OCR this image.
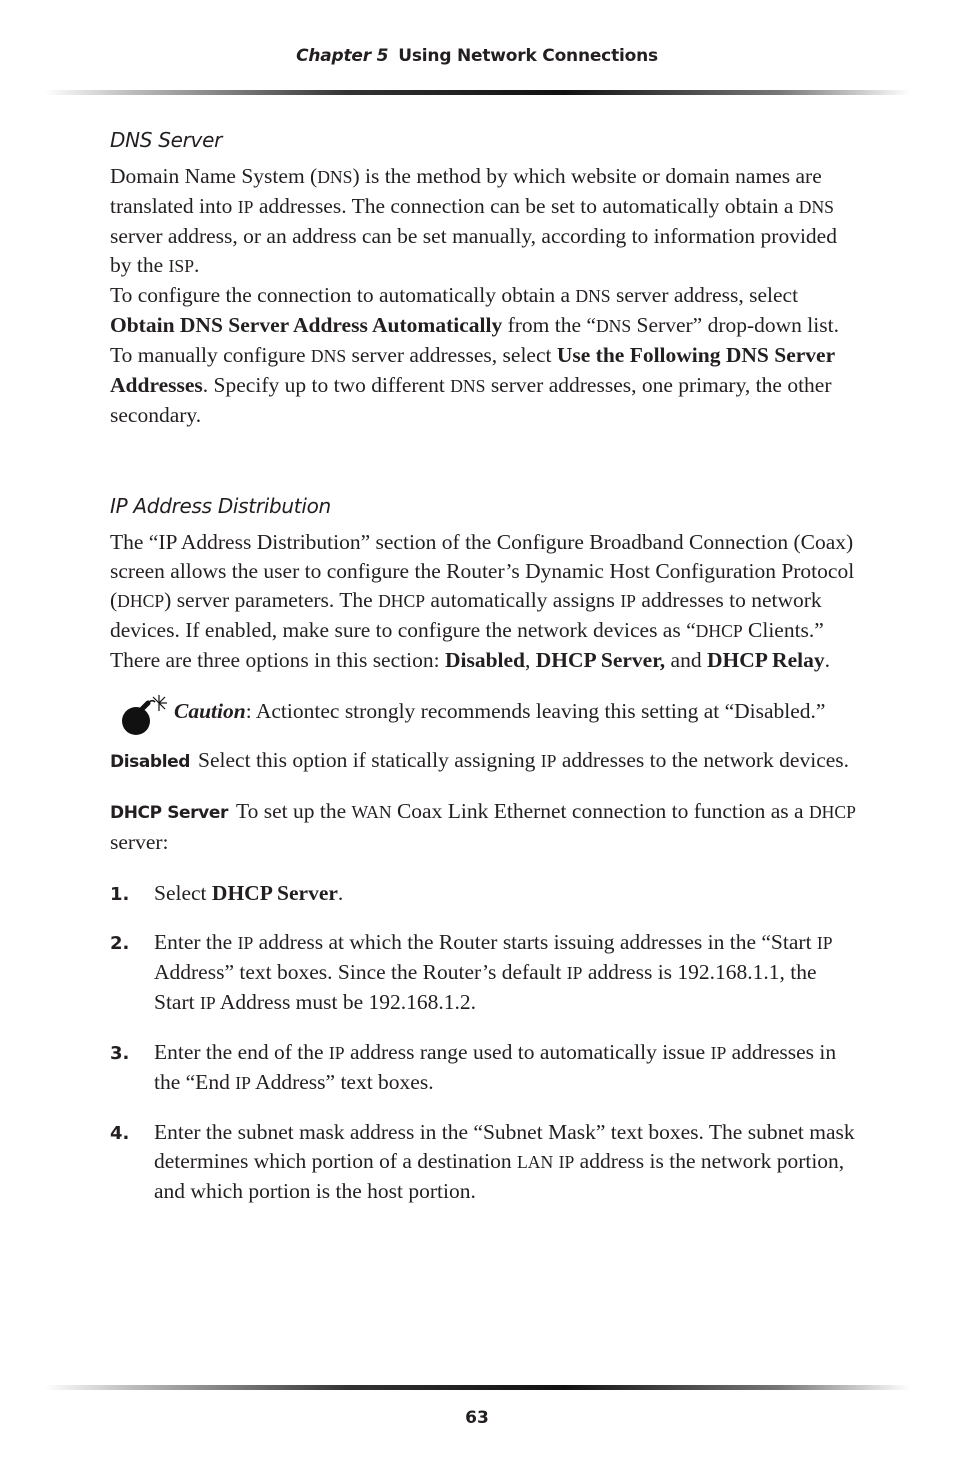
Chapter 5 Using Network Connections
DNS Server

Domain Name System (DNS) is the method by which website or domain names are translated into IP addresses. The connection can be set to automatically obtain a DNS server address, or an address can be set manually, according to information provided by the ISP.

To configure the connection to automatically obtain a DNS server address, select Obtain DNS Server Address Automatically from the “DNS Server” drop-down list. To manually configure DNS server addresses, select Use the Following DNS Server Addresses. Specify up to two different DNS server addresses, one primary, the other secondary.

IP Address Distribution

The “IP Address Distribution” section of the Configure Broadband Connection (Coax) screen allows the user to configure the Router’s Dynamic Host Configuration Protocol (DHCP) server parameters. The DHCP automatically assigns IP addresses to network devices. If enabled, make sure to configure the network devices as “DHCP Clients.” There are three options in this section: Disabled, DHCP Server, and DHCP Relay.

Caution: Actiontec strongly recommends leaving this setting at “Disabled.”

Disabled Select this option if statically assigning IP addresses to the network devices.

DHCP Server To set up the WAN Coax Link Ethernet connection to function as a DHCP server:

1. Select DHCP Server.
2. Enter the IP address at which the Router starts issuing addresses in the “Start IP Address” text boxes. Since the Router’s default IP address is 192.168.1.1, the Start IP Address must be 192.168.1.2.
3. Enter the end of the IP address range used to automatically issue IP addresses in the “End IP Address” text boxes.
4. Enter the subnet mask address in the “Subnet Mask” text boxes. The subnet mask determines which portion of a destination LAN IP address is the network portion, and which portion is the host portion.
63
